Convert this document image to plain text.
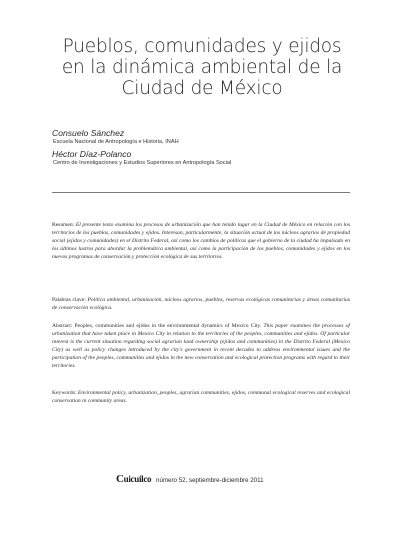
Pueblos, comunidades y ejidos en la dinámica ambiental de la Ciudad de México
Consuelo Sánchez
Escuela Nacional de Antropología e Historia, INAH
Héctor Díaz-Polanco
Centro de Investigaciones y Estudios Superiores en Antropología Social
Resumen: El presente texto examina los procesos de urbanización que han tenido lugar en la Ciudad de México en relación con los territorios de los pueblos, comunidades y ejidos. Interesan, particularmente, la situación actual de los núcleos agrarios de propiedad social (ejidos y comunidades) en el Distrito Federal, así como los cambios de políticas que el gobierno de la ciudad ha impulsado en los últimos lustros para abordar la problemática ambiental, así como la participación de los pueblos, comunidades y ejidos en los nuevos programas de conservación y protección ecológica de sus territorios.
Palabras clave: Política ambiental, urbanización, núcleos agrarios, pueblos, reservas ecológicas comunitarias y áreas comunitarias de conservación ecológica.
Abstract: Peoples, communities and ejidos in the environmental dynamics of Mexico City. This paper examines the processes of urbanization that have taken place in Mexico City in relation to the territories of the peoples, communities and ejidos. Of particular interest is the current situation regarding social agrarian land ownership (ejidos and communities) in the Distrito Federal (Mexico City) as well as policy changes introduced by the city's government in recent decades to address environmental issues and the participation of the peoples, communities and ejidos in the new conservation and ecological protection programs with regard to their territories.
Keywords: Environmental policy, urbanization, peoples, agrarian communities, ejidos, communal ecological reserves and ecological conservation in community areas.
Cuicuilco número 52, septiembre-diciembre 2011
